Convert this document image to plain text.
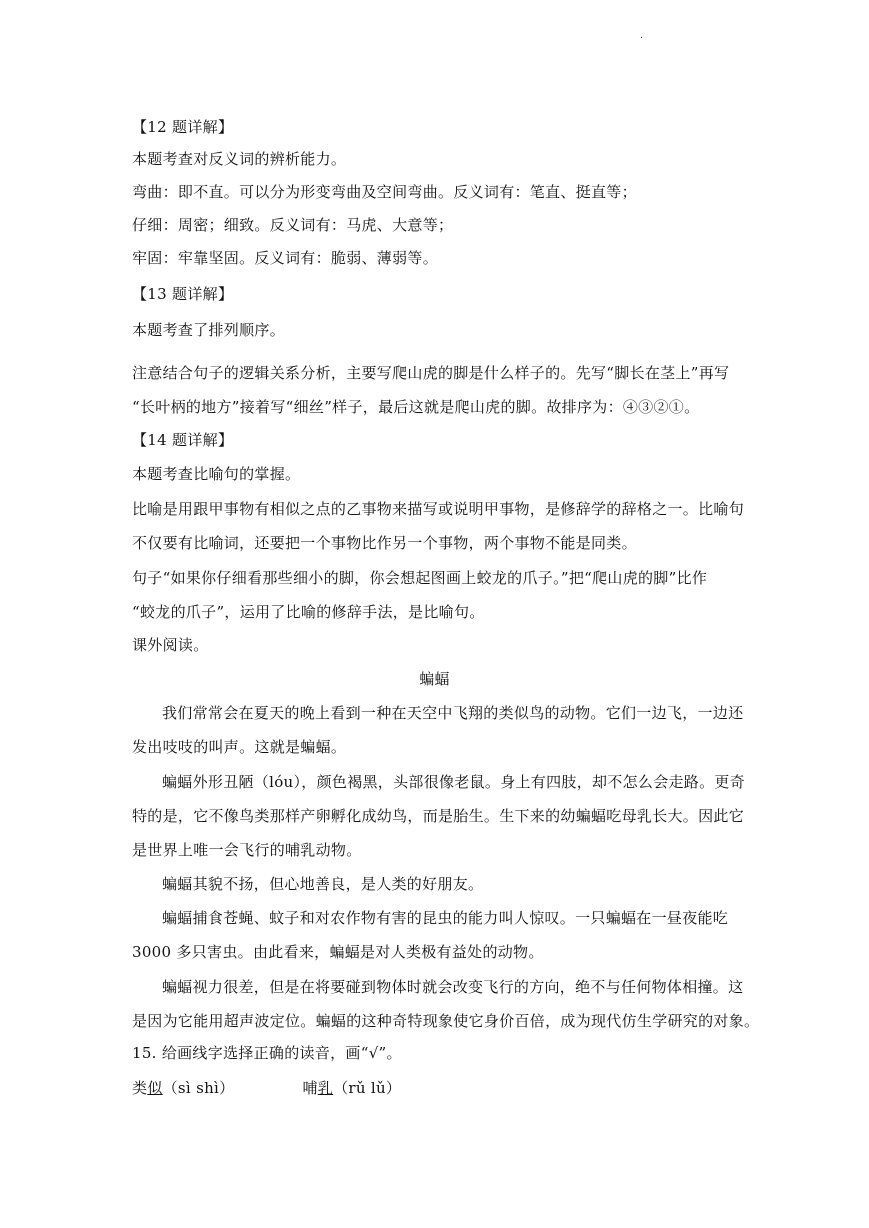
.
【12 题详解】
本题考查对反义词的辨析能力。
弯曲：即不直。可以分为形变弯曲及空间弯曲。反义词有：笔直、挺直等；
仔细：周密；细致。反义词有：马虎、大意等；
牢固：牢靠坚固。反义词有：脆弱、薄弱等。
【13 题详解】
本题考查了排列顺序。
注意结合句子的逻辑关系分析，主要写爬山虎的脚是什么样子的。先写“脚长在茎上”再写
“长叶柄的地方”接着写“细丝”样子，最后这就是爬山虎的脚。故排序为：④③②①。
【14 题详解】
本题考查比喻句的掌握。
比喻是用跟甲事物有相似之点的乙事物来描写或说明甲事物，是修辞学的辞格之一。比喻句
不仅要有比喻词，还要把一个事物比作另一个事物，两个事物不能是同类。
句子“如果你仔细看那些细小的脚，你会想起图画上蛟龙的爪子。”把“爬山虎的脚”比作
“蛟龙的爪子”，运用了比喻的修辞手法，是比喻句。
课外阅读。
蝙蝠
我们常常会在夏天的晚上看到一种在天空中飞翔的类似鸟的动物。它们一边飞，一边还
发出吱吱的叫声。这就是蝙蝠。
蝙蝠外形丑陋（lóu），颜色褐黑，头部很像老鼠。身上有四肢，却不怎么会走路。更奇
特的是，它不像鸟类那样产卵孵化成幼鸟，而是胎生。生下来的幼蝙蝠吃母乳长大。因此它
是世界上唯一会飞行的哺乳动物。
蝙蝠其貌不扬，但心地善良，是人类的好朋友。
蝙蝠捕食苍蝇、蚊子和对农作物有害的昆虫的能力叫人惊叹。一只蝙蝠在一昼夜能吃
3000 多只害虫。由此看来，蝙蝠是对人类极有益处的动物。
蝙蝠视力很差，但是在将要碰到物体时就会改变飞行的方向，绝不与任何物体相撞。这
是因为它能用超声波定位。蝙蝠的这种奇特现象使它身价百倍，成为现代仿生学研究的对象。
15. 给画线字选择正确的读音，画“√”。
类似（sì shì）	哺乳（rǔ lǔ）
